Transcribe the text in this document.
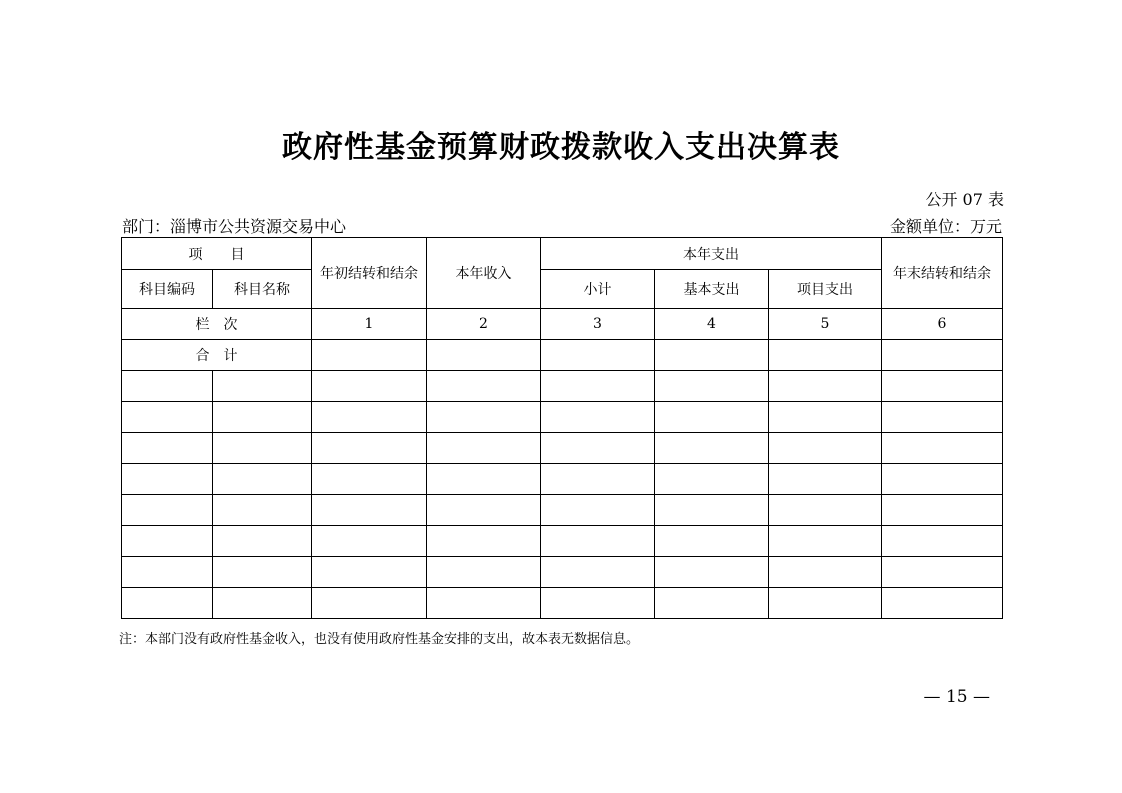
政府性基金预算财政拨款收入支出决算表
公开 07 表
部门：淄博市公共资源交易中心	金额单位：万元
项　　目		年初结转和结余	本年收入	本年支出			年末结转和结余
科目编码	科目名称			小计	基本支出	项目支出	
栏　次		1	2	3	4	5	6
合　计							

注：本部门没有政府性基金收入，也没有使用政府性基金安排的支出，故本表无数据信息。
— 15 —
